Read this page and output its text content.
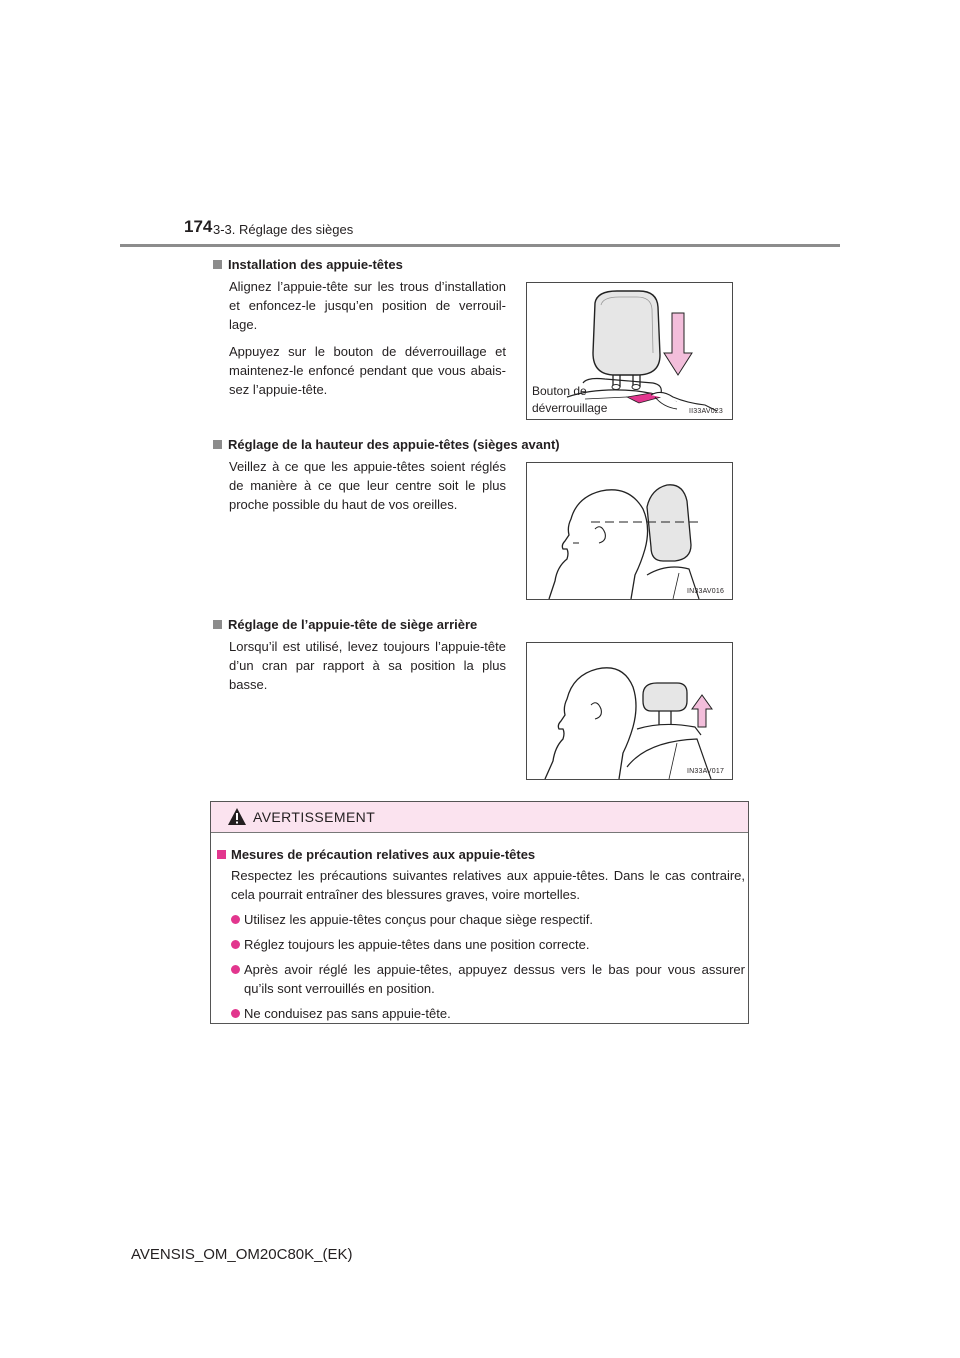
174 3-3. Réglage des sièges
Installation des appuie-têtes

Alignez l’appuie-tête sur les trous d’installation et enfoncez-le jusqu’en position de verrouil-lage.

Appuyez sur le bouton de déverrouillage et maintenez-le enfoncé pendant que vous abais-sez l’appuie-tête.	Bouton de
déverrouillage	II33AV023
Réglage de la hauteur des appuie-têtes (sièges avant)

Veillez à ce que les appuie-têtes soient réglés de manière à ce que leur centre soit le plus proche possible du haut de vos oreilles.

IN33AV016
Réglage de l’appuie-tête de siège arrière

Lorsqu’il est utilisé, levez toujours l’appuie-tête d’un cran par rapport à sa position la plus basse.

IN33AV017
AVERTISSEMENT
Mesures de précaution relatives aux appuie-têtes
Respectez les précautions suivantes relatives aux appuie-têtes. Dans le cas contraire, cela pourrait entraîner des blessures graves, voire mortelles.
Utilisez les appuie-têtes conçus pour chaque siège respectif.
Réglez toujours les appuie-têtes dans une position correcte.
Après avoir réglé les appuie-têtes, appuyez dessus vers le bas pour vous assurer qu’ils sont verrouillés en position.
Ne conduisez pas sans appuie-tête.
AVENSIS_OM_OM20C80K_(EK)
